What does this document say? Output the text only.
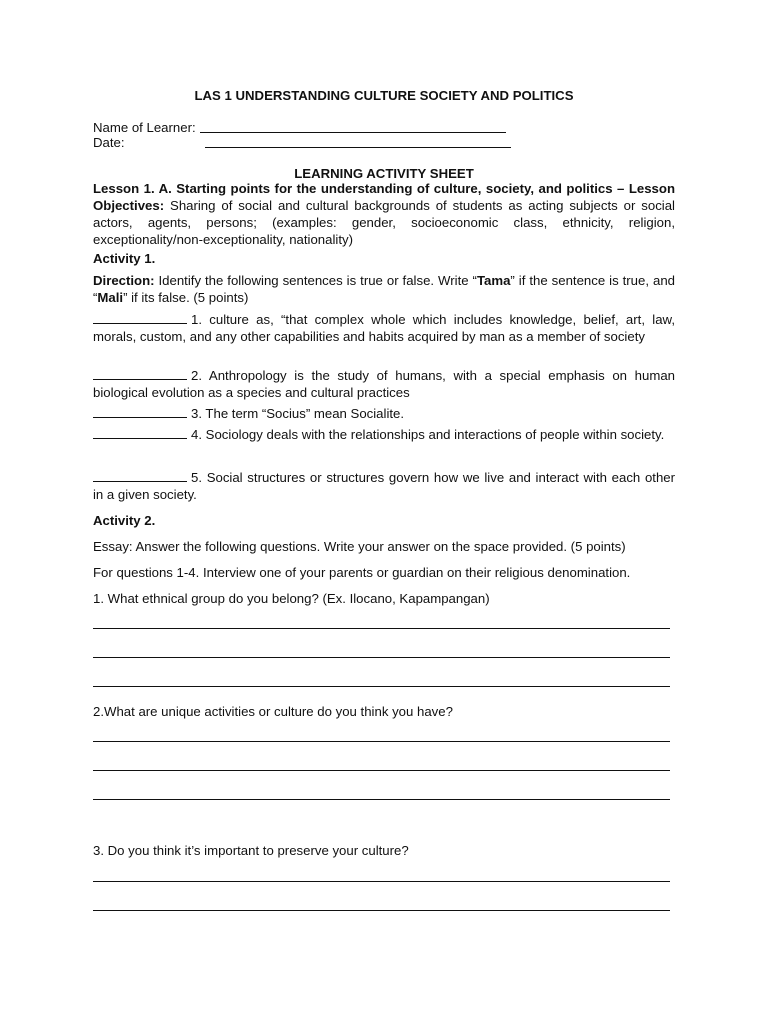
LAS 1 UNDERSTANDING CULTURE SOCIETY AND POLITICS
Name of Learner:
Date:
LEARNING ACTIVITY SHEET

Lesson 1. A. Starting points for the understanding of culture, society, and politics – Lesson Objectives: Sharing of social and cultural backgrounds of students as acting subjects or social actors, agents, persons; (examples: gender, socioeconomic class, ethnicity, religion, exceptionality/non-exceptionality, nationality)

Activity 1.

Direction: Identify the following sentences is true or false. Write “Tama” if the sentence is true, and “Mali” if its false. (5 points)

1. culture as, “that complex whole which includes knowledge, belief, art, law, morals, custom, and any other capabilities and habits acquired by man as a member of society

2. Anthropology is the study of humans, with a special emphasis on human biological evolution as a species and cultural practices

3. The term “Socius” mean Socialite.

4. Sociology deals with the relationships and interactions of people within society.

5. Social structures or structures govern how we live and interact with each other in a given society.

Activity 2.
Essay: Answer the following questions. Write your answer on the space provided. (5 points)
For questions 1-4. Interview one of your parents or guardian on their religious denomination.
1. What ethnical group do you belong? (Ex. Ilocano, Kapampangan)
2.What are unique activities or culture do you think you have?
3. Do you think it’s important to preserve your culture?
